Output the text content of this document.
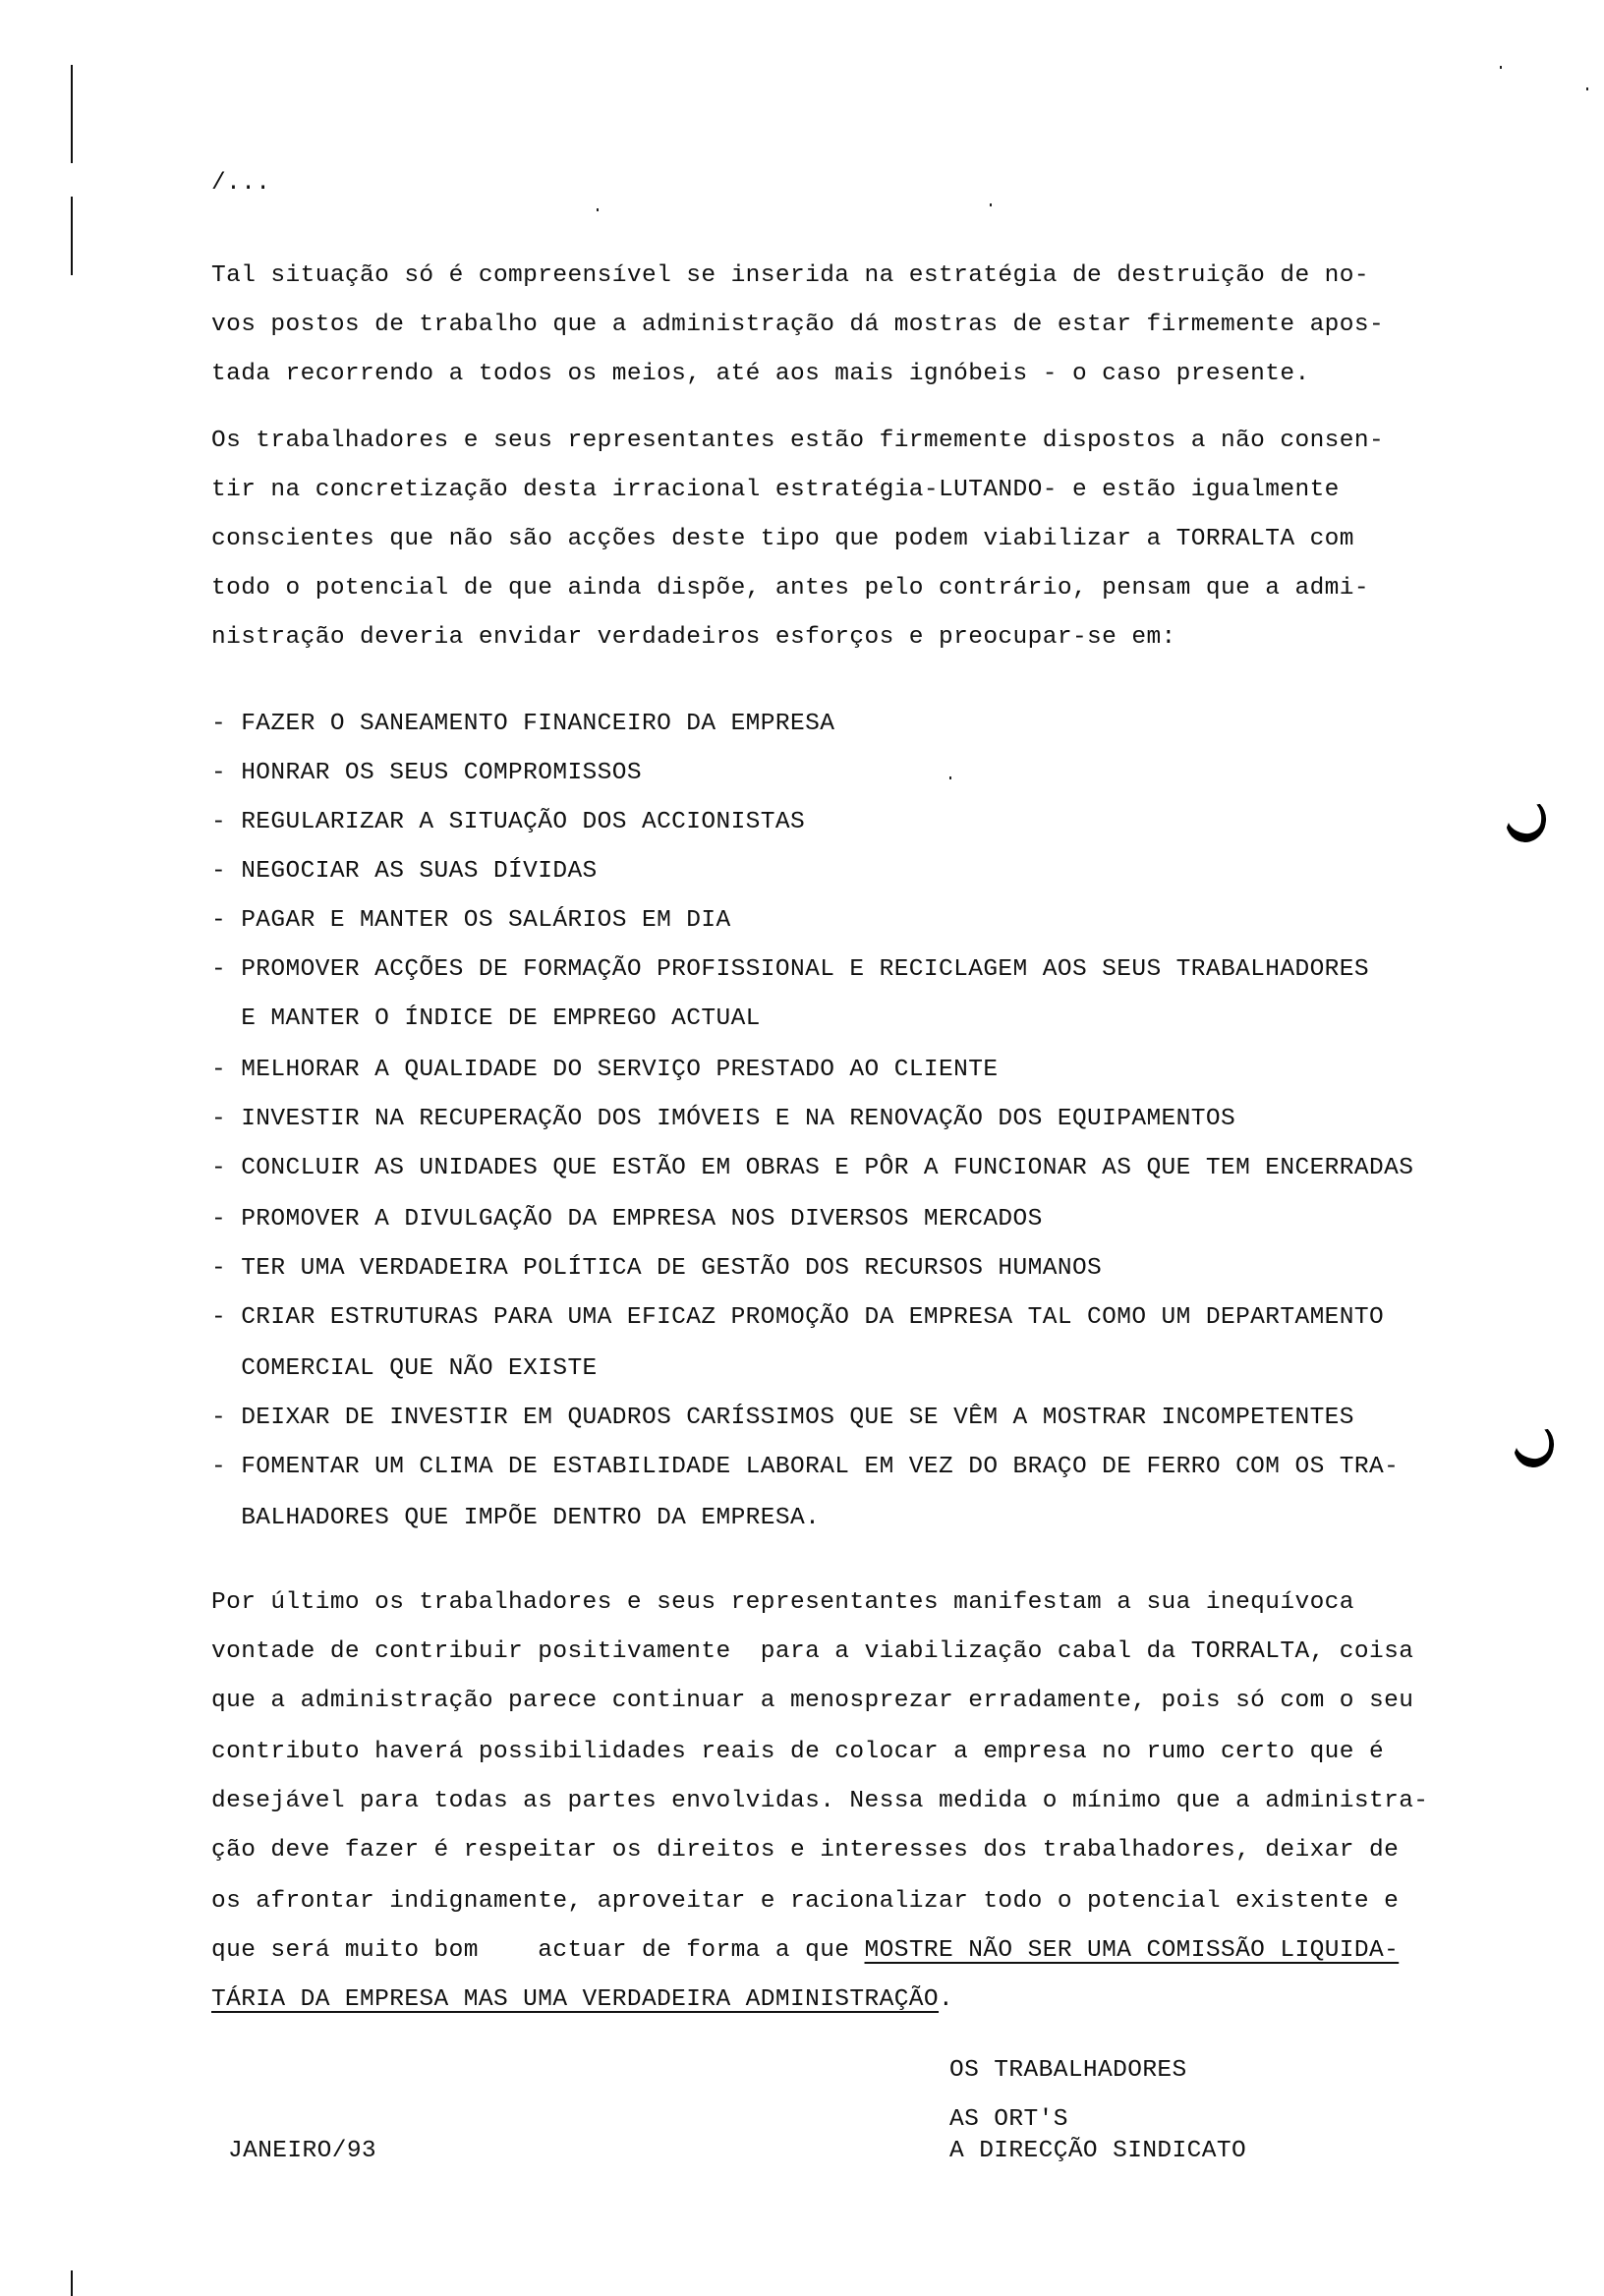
/...
Tal situação só é compreensível se inserida na estratégia de destruição de no-
vos postos de trabalho que a administração dá mostras de estar firmemente apos-
tada recorrendo a todos os meios, até aos mais ignóbeis - o caso presente.
Os trabalhadores e seus representantes estão firmemente dispostos a não consen-
tir na concretização desta irracional estratégia-LUTANDO- e estão igualmente
conscientes que não são acções deste tipo que podem viabilizar a TORRALTA com
todo o potencial de que ainda dispõe, antes pelo contrário, pensam que a admi-
nistração deveria envidar verdadeiros esforços e preocupar-se em:
- FAZER O SANEAMENTO FINANCEIRO DA EMPRESA
- HONRAR OS SEUS COMPROMISSOS
- REGULARIZAR A SITUAÇÃO DOS ACCIONISTAS
- NEGOCIAR AS SUAS DÍVIDAS
- PAGAR E MANTER OS SALÁRIOS EM DIA
- PROMOVER ACÇÕES DE FORMAÇÃO PROFISSIONAL E RECICLAGEM AOS SEUS TRABALHADORES
E MANTER O ÍNDICE DE EMPREGO ACTUAL
- MELHORAR A QUALIDADE DO SERVIÇO PRESTADO AO CLIENTE
- INVESTIR NA RECUPERAÇÃO DOS IMÓVEIS E NA RENOVAÇÃO DOS EQUIPAMENTOS
- CONCLUIR AS UNIDADES QUE ESTÃO EM OBRAS E PÔR A FUNCIONAR AS QUE TEM ENCERRADAS
- PROMOVER A DIVULGAÇÃO DA EMPRESA NOS DIVERSOS MERCADOS
- TER UMA VERDADEIRA POLÍTICA DE GESTÃO DOS RECURSOS HUMANOS
- CRIAR ESTRUTURAS PARA UMA EFICAZ PROMOÇÃO DA EMPRESA TAL COMO UM DEPARTAMENTO
COMERCIAL QUE NÃO EXISTE
- DEIXAR DE INVESTIR EM QUADROS CARÍSSIMOS QUE SE VÊM A MOSTRAR INCOMPETENTES
- FOMENTAR UM CLIMA DE ESTABILIDADE LABORAL EM VEZ DO BRAÇO DE FERRO COM OS TRA-
BALHADORES QUE IMPÕE DENTRO DA EMPRESA.
Por último os trabalhadores e seus representantes manifestam a sua inequívoca
vontade de contribuir positivamente  para a viabilização cabal da TORRALTA, coisa
que a administração parece continuar a menosprezar erradamente, pois só com o seu
contributo haverá possibilidades reais de colocar a empresa no rumo certo que é
desejável para todas as partes envolvidas. Nessa medida o mínimo que a administra-
ção deve fazer é respeitar os direitos e interesses dos trabalhadores, deixar de
os afrontar indignamente, aproveitar e racionalizar todo o potencial existente e
que será muito bom    actuar de forma a que MOSTRE NÃO SER UMA COMISSÃO LIQUIDA-
TÁRIA DA EMPRESA MAS UMA VERDADEIRA ADMINISTRAÇÃO.
OS TRABALHADORES
AS ORT'S
A DIRECÇÃO SINDICATO
JANEIRO/93
